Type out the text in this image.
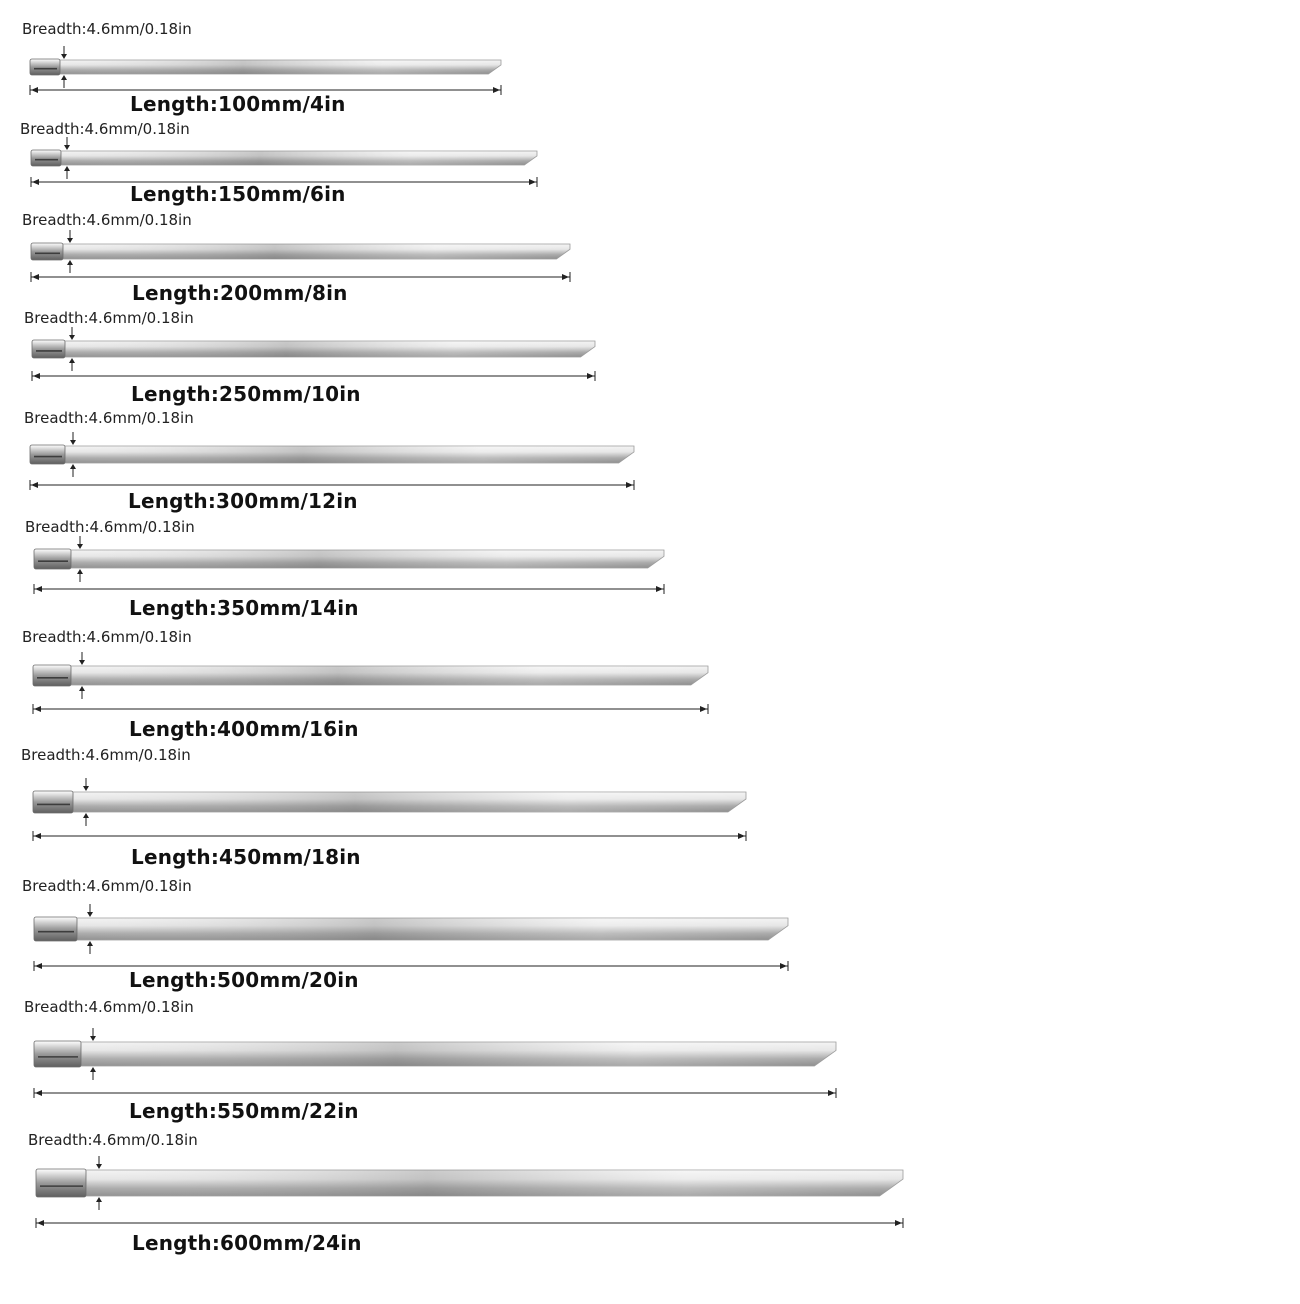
Breadth:4.6mm/0.18in
Length:100mm/4in
Breadth:4.6mm/0.18in
Length:150mm/6in
Breadth:4.6mm/0.18in
Length:200mm/8in
Breadth:4.6mm/0.18in
Length:250mm/10in
Breadth:4.6mm/0.18in
Length:300mm/12in
Breadth:4.6mm/0.18in
Length:350mm/14in
Breadth:4.6mm/0.18in
Length:400mm/16in
Breadth:4.6mm/0.18in
Length:450mm/18in
Breadth:4.6mm/0.18in
Length:500mm/20in
Breadth:4.6mm/0.18in
Length:550mm/22in
Breadth:4.6mm/0.18in
Length:600mm/24in
